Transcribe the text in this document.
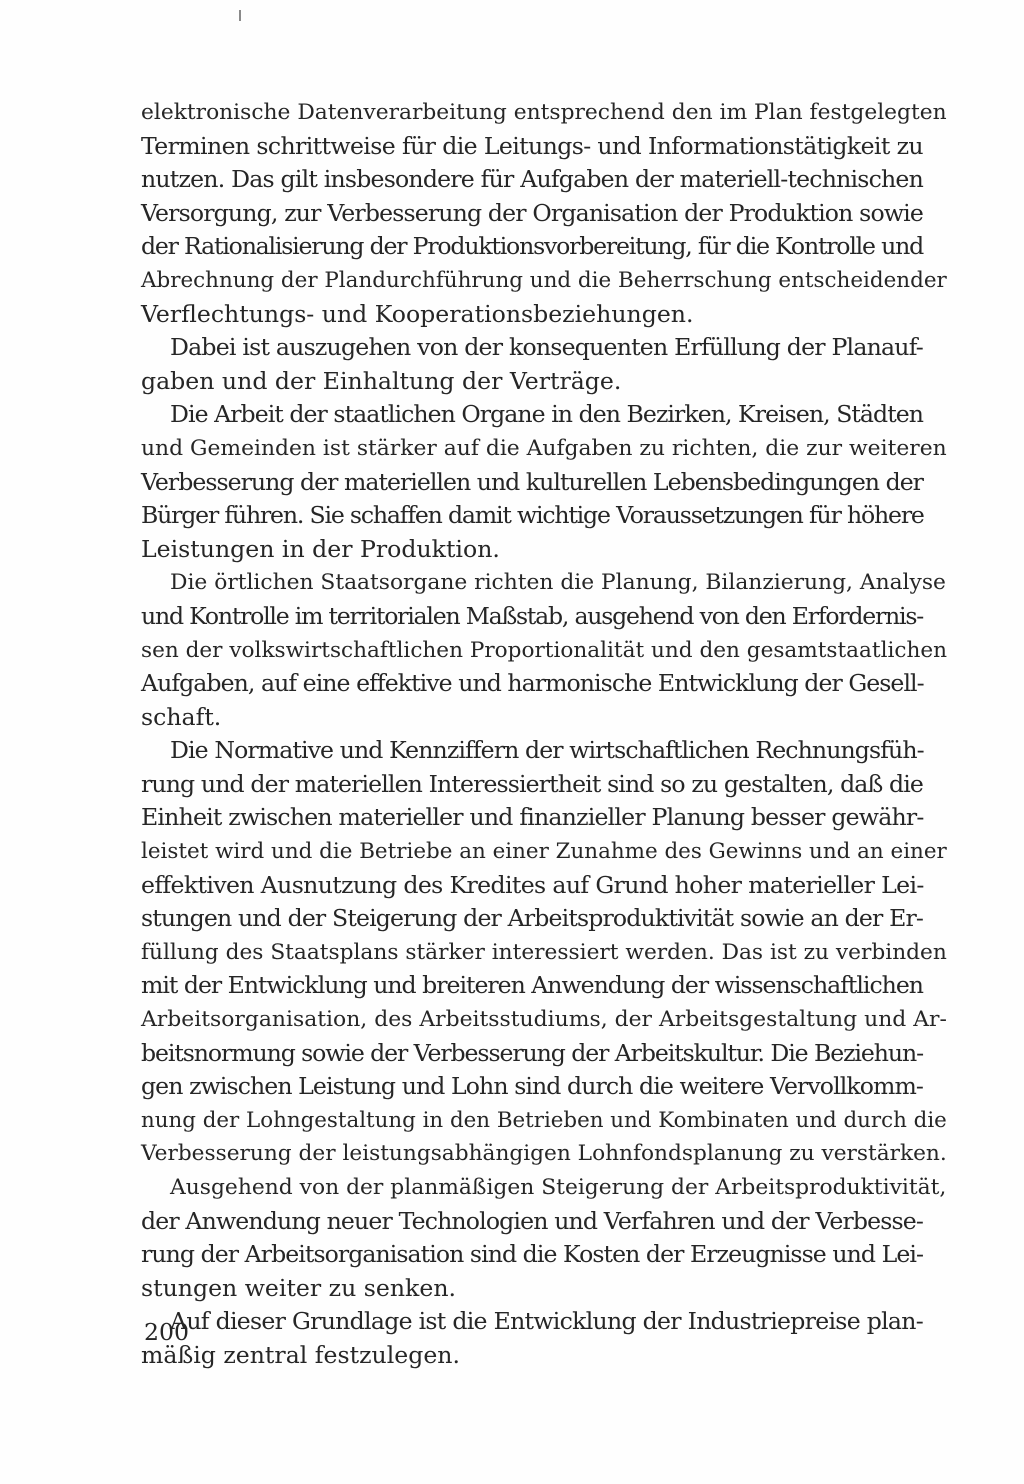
elektronische Datenverarbeitung entsprechend den im Plan festgelegten
Terminen schrittweise für die Leitungs- und Informationstätigkeit zu
nutzen. Das gilt insbesondere für Aufgaben der materiell-technischen
Versorgung, zur Verbesserung der Organisation der Produktion sowie
der Rationalisierung der Produktionsvorbereitung, für die Kontrolle und
Abrechnung der Plandurchführung und die Beherrschung entscheidender
Verflechtungs- und Kooperationsbeziehungen.
Dabei ist auszugehen von der konsequenten Erfüllung der Planauf-
gaben und der Einhaltung der Verträge.
Die Arbeit der staatlichen Organe in den Bezirken, Kreisen, Städten
und Gemeinden ist stärker auf die Aufgaben zu richten, die zur weiteren
Verbesserung der materiellen und kulturellen Lebensbedingungen der
Bürger führen. Sie schaffen damit wichtige Voraussetzungen für höhere
Leistungen in der Produktion.
Die örtlichen Staatsorgane richten die Planung, Bilanzierung, Analyse
und Kontrolle im territorialen Maßstab, ausgehend von den Erfordernis-
sen der volkswirtschaftlichen Proportionalität und den gesamtstaatlichen
Aufgaben, auf eine effektive und harmonische Entwicklung der Gesell-
schaft.
Die Normative und Kennziffern der wirtschaftlichen Rechnungsfüh-
rung und der materiellen Interessiertheit sind so zu gestalten, daß die
Einheit zwischen materieller und finanzieller Planung besser gewähr-
leistet wird und die Betriebe an einer Zunahme des Gewinns und an einer
effektiven Ausnutzung des Kredites auf Grund hoher materieller Lei-
stungen und der Steigerung der Arbeitsproduktivität sowie an der Er-
füllung des Staatsplans stärker interessiert werden. Das ist zu verbinden
mit der Entwicklung und breiteren Anwendung der wissenschaftlichen
Arbeitsorganisation, des Arbeitsstudiums, der Arbeitsgestaltung und Ar-
beitsnormung sowie der Verbesserung der Arbeitskultur. Die Beziehun-
gen zwischen Leistung und Lohn sind durch die weitere Vervollkomm-
nung der Lohngestaltung in den Betrieben und Kombinaten und durch die
Verbesserung der leistungsabhängigen Lohnfondsplanung zu verstärken.
Ausgehend von der planmäßigen Steigerung der Arbeitsproduktivität,
der Anwendung neuer Technologien und Verfahren und der Verbesse-
rung der Arbeitsorganisation sind die Kosten der Erzeugnisse und Lei-
stungen weiter zu senken.
Auf dieser Grundlage ist die Entwicklung der Industriepreise plan-
mäßig zentral festzulegen.
200
